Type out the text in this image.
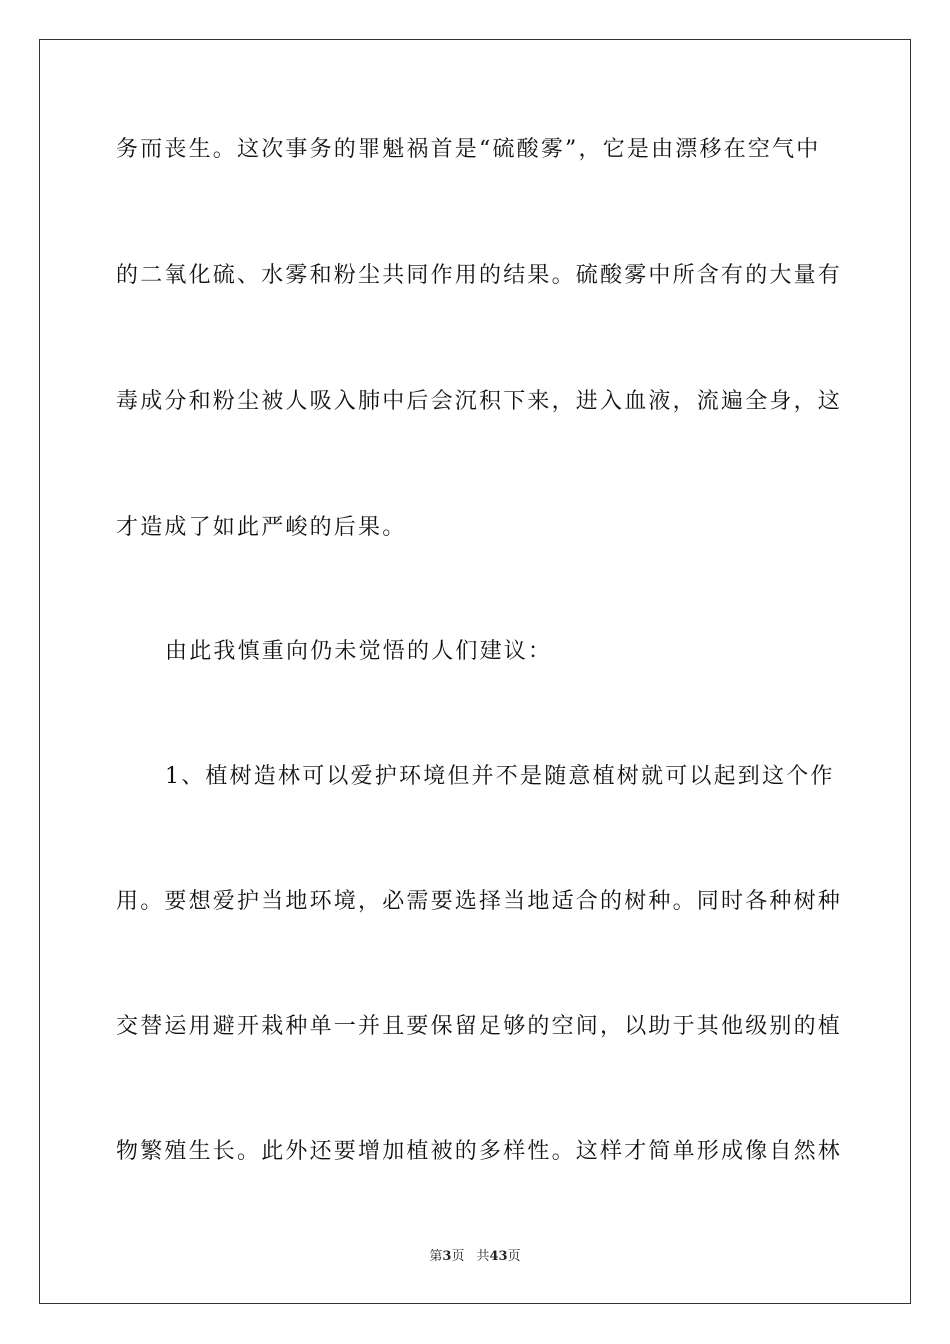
务而丧生。这次事务的罪魁祸首是“硫酸雾”，它是由漂移在空气中
的二氧化硫、水雾和粉尘共同作用的结果。硫酸雾中所含有的大量有
毒成分和粉尘被人吸入肺中后会沉积下来，进入血液，流遍全身，这
才造成了如此严峻的后果。
由此我慎重向仍未觉悟的人们建议：
1、植树造林可以爱护环境但并不是随意植树就可以起到这个作
用。要想爱护当地环境，必需要选择当地适合的树种。同时各种树种
交替运用避开栽种单一并且要保留足够的空间，以助于其他级别的植
物繁殖生长。此外还要增加植被的多样性。这样才简单形成像自然林
第3页 共43页
